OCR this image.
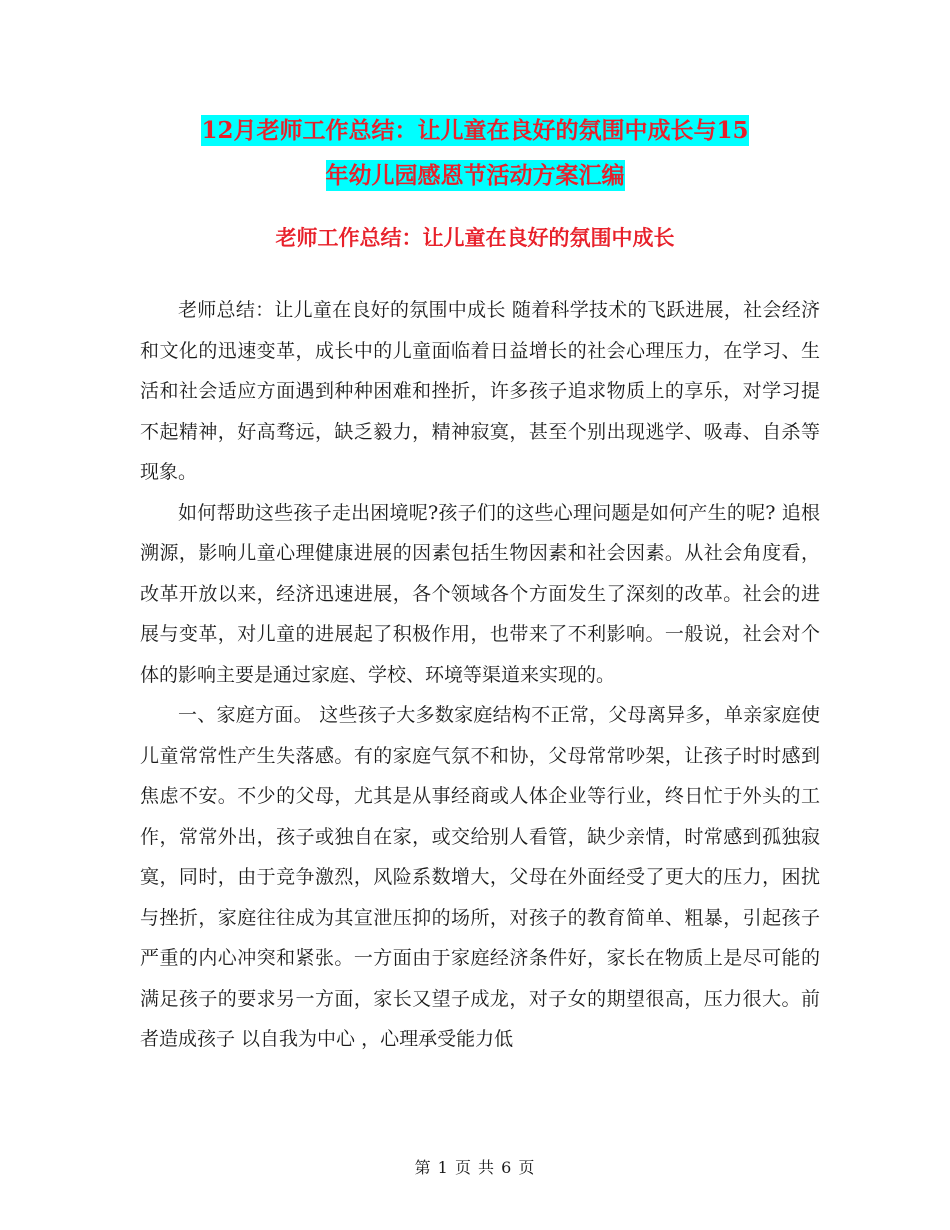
12月老师工作总结：让儿童在良好的氛围中成长与15
年幼儿园感恩节活动方案汇编
老师工作总结：让儿童在良好的氛围中成长

老师总结：让儿童在良好的氛围中成长 随着科学技术的飞跃进展，社会经济和文化的迅速变革，成长中的儿童面临着日益增长的社会心理压力，在学习、生活和社会适应方面遇到种种困难和挫折，许多孩子追求物质上的享乐，对学习提不起精神，好高骛远，缺乏毅力，精神寂寞，甚至个别出现逃学、吸毒、自杀等现象。

如何帮助这些孩子走出困境呢?孩子们的这些心理问题是如何产生的呢? 追根溯源，影响儿童心理健康进展的因素包括生物因素和社会因素。从社会角度看，改革开放以来，经济迅速进展，各个领域各个方面发生了深刻的改革。社会的进展与变革，对儿童的进展起了积极作用，也带来了不利影响。一般说，社会对个体的影响主要是通过家庭、学校、环境等渠道来实现的。

一、家庭方面。 这些孩子大多数家庭结构不正常，父母离异多，单亲家庭使儿童常常性产生失落感。有的家庭气氛不和协，父母常常吵架，让孩子时时感到焦虑不安。不少的父母，尤其是从事经商或人体企业等行业，终日忙于外头的工作，常常外出，孩子或独自在家，或交给别人看管，缺少亲情，时常感到孤独寂寞，同时，由于竞争激烈，风险系数增大，父母在外面经受了更大的压力，困扰与挫折，家庭往往成为其宣泄压抑的场所，对孩子的教育简单、粗暴，引起孩子严重的内心冲突和紧张。一方面由于家庭经济条件好，家长在物质上是尽可能的满足孩子的要求另一方面，家长又望子成龙，对子女的期望很高，压力很大。前者造成孩子 以自我为中心 ，心理承受能力低

第 1 页 共 6 页
